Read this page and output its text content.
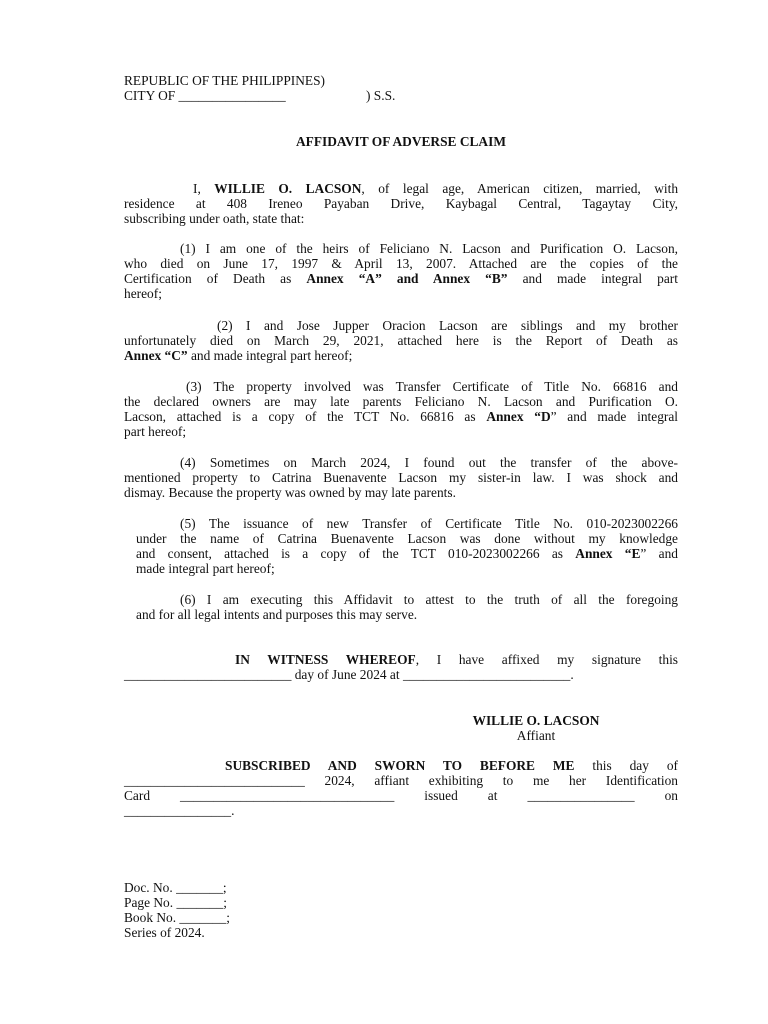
REPUBLIC OF THE PHILIPPINES)
CITY OF ________________	) S.S.
AFFIDAVIT OF ADVERSE CLAIM
I, WILLIE O. LACSON, of legal age, American citizen, married, with
residence at 408 Ireneo Payaban Drive, Kaybagal Central, Tagaytay City,
subscribing under oath, state that:
(1) I am one of the heirs of Feliciano N. Lacson and Purification O. Lacson,
who died on June 17, 1997 & April 13, 2007. Attached are the copies of the
Certification of Death as Annex “A” and Annex “B” and made integral part
hereof;
(2) I and Jose Jupper Oracion Lacson are siblings and my brother
unfortunately died on March 29, 2021, attached here is the Report of Death as
Annex “C” and made integral part hereof;
(3) The property involved was Transfer Certificate of Title No. 66816 and
the declared owners are may late parents Feliciano N. Lacson and Purification O.
Lacson, attached is a copy of the TCT No. 66816 as Annex “D” and made integral
part hereof;
(4) Sometimes on March 2024, I found out the transfer of the above-
mentioned property to Catrina Buenavente Lacson my sister-in law. I was shock and
dismay. Because the property was owned by may late parents.
(5) The issuance of new Transfer of Certificate Title No. 010-2023002266
under the name of Catrina Buenavente Lacson was done without my knowledge
and consent, attached is a copy of the TCT 010-2023002266 as Annex “E” and
made integral part hereof;
(6) I am executing this Affidavit to attest to the truth of all the foregoing
and for all legal intents and purposes this may serve.
IN WITNESS WHEREOF, I have affixed my signature this
_________________________ day of June 2024 at _________________________.
WILLIE O. LACSON
Affiant
SUBSCRIBED AND SWORN TO BEFORE ME this day of
___________________________ 2024, affiant exhibiting to me her Identification
Card ________________________________ issued at ________________ on
________________.
Doc. No. _______;
Page No. _______;
Book No. _______;
Series of 2024.
